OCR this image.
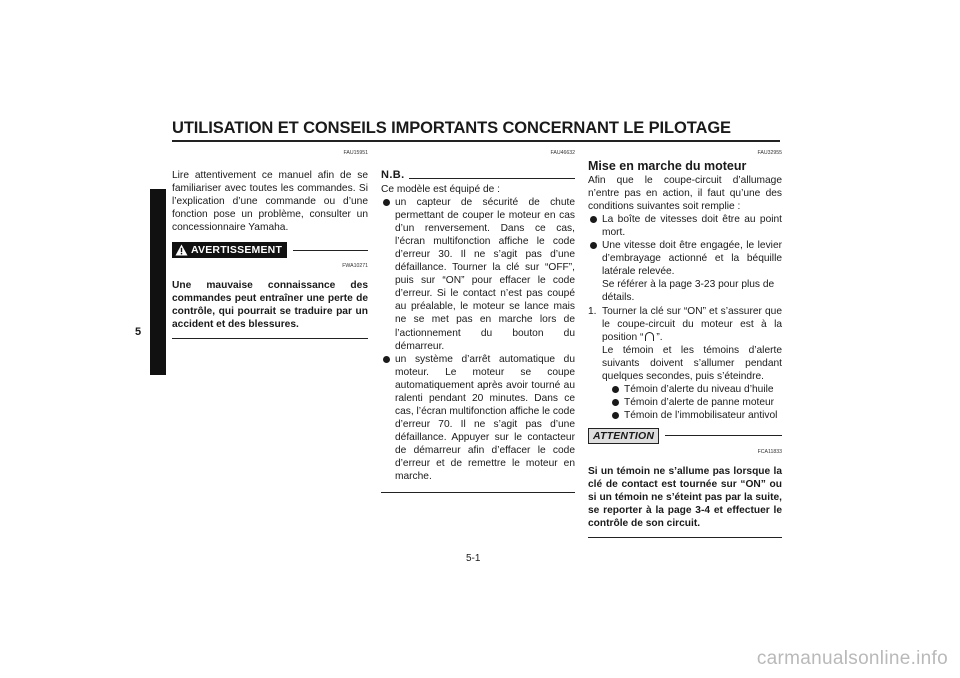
UTILISATION ET CONSEILS IMPORTANTS CONCERNANT LE PILOTAGE
5
FAU15951

Lire attentivement ce manuel afin de se familiariser avec toutes les commandes. Si l’explication d’une commande ou d’une fonction pose un problème, consulter un concessionnaire Yamaha.

AVERTISSEMENT
FWA10271

Une mauvaise connaissance des commandes peut entraîner une perte de contrôle, qui pourrait se traduire par un accident et des blessures.

FAU46632
N.B.
Ce modèle est équipé de :
un capteur de sécurité de chute permettant de couper le moteur en cas d’un renversement. Dans ce cas, l’écran multifonction affiche le code d’erreur 30. Il ne s’agit pas d’une défaillance. Tourner la clé sur “OFF”, puis sur “ON” pour effacer le code d’erreur. Si le contact n’est pas coupé au préalable, le moteur se lance mais ne se met pas en marche lors de l’actionnement du bouton du démarreur.
un système d’arrêt automatique du moteur. Le moteur se coupe automatiquement après avoir tourné au ralenti pendant 20 minutes. Dans ce cas, l’écran multifonction affiche le code d’erreur 70. Il ne s’agit pas d’une défaillance. Appuyer sur le contacteur de démarreur afin d’effacer le code d’erreur et de remettre le moteur en marche.
FAU32955
Mise en marche du moteur

Afin que le coupe-circuit d’allumage n’entre pas en action, il faut qu’une des conditions suivantes soit remplie :

La boîte de vitesses doit être au point mort.
Une vitesse doit être engagée, le levier d’embrayage actionné et la béquille latérale relevée.
Se référer à la page 3-23 pour plus de détails.
1. Tourner la clé sur “ON” et s’assurer que le coupe-circuit du moteur est à la position “ ”.
Le témoin et les témoins d’alerte suivants doivent s’allumer pendant quelques secondes, puis s’éteindre.
Témoin d’alerte du niveau d’huile
Témoin d’alerte de panne moteur
Témoin de l’immobilisateur antivol
ATTENTION
FCA11833

Si un témoin ne s’allume pas lorsque la clé de contact est tournée sur “ON” ou si un témoin ne s’éteint pas par la suite, se reporter à la page 3-4 et effectuer le contrôle de son circuit.

5-1
carmanualsonline.info
